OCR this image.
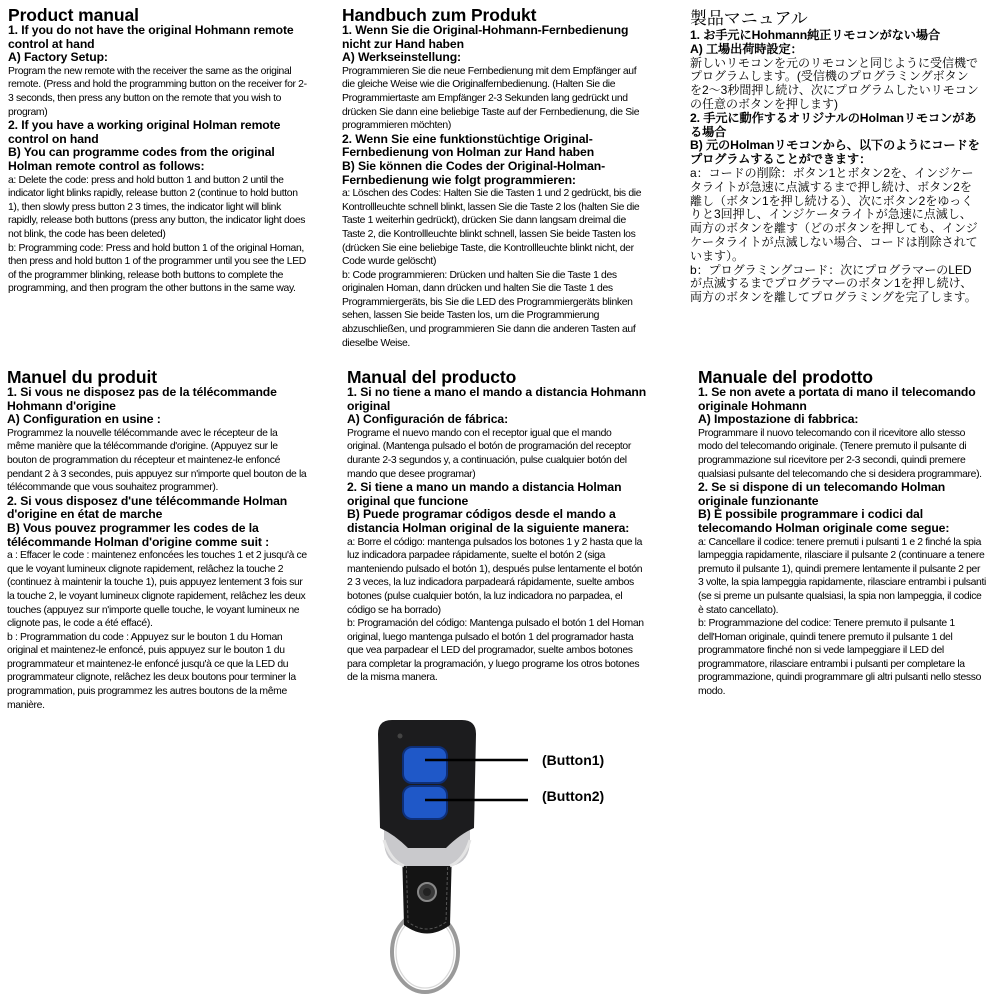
Product manual
1. If you do not have the original Hohmann remote control at hand
A) Factory Setup:

Program the new remote with the receiver the same as the original remote. (Press and hold the programming button on the receiver for 2-3 seconds, then press any button on the remote that you wish to program)

2. If you have a working original Holman remote control on hand
B) You can programme codes from the original Holman remote control as follows:

a: Delete the code: press and hold button 1 and button 2 until the indicator light blinks rapidly, release button 2 (continue to hold button 1), then slowly press button 2 3 times, the indicator light will blink rapidly, release both buttons (press any button, the indicator light does not blink, the code has been deleted)

b: Programming code: Press and hold button 1 of the original Homan, then press and hold button 1 of the programmer until you see the LED of the programmer blinking, release both buttons to complete the programming, and then program the other buttons in the same way.

Handbuch zum Produkt
1. Wenn Sie die Original-Hohmann-Fernbedienung nicht zur Hand haben
A) Werkseinstellung:

Programmieren Sie die neue Fernbedienung mit dem Empfänger auf die gleiche Weise wie die Originalfernbedienung. (Halten Sie die Programmiertaste am Empfänger 2-3 Sekunden lang gedrückt und drücken Sie dann eine beliebige Taste auf der Fernbedienung, die Sie programmieren möchten)

2. Wenn Sie eine funktionstüchtige Original-Fernbedienung von Holman zur Hand haben
B) Sie können die Codes der Original-Holman-Fernbedienung wie folgt programmieren:

a: Löschen des Codes: Halten Sie die Tasten 1 und 2 gedrückt, bis die Kontrollleuchte schnell blinkt, lassen Sie die Taste 2 los (halten Sie die Taste 1 weiterhin gedrückt), drücken Sie dann langsam dreimal die Taste 2, die Kontrollleuchte blinkt schnell, lassen Sie beide Tasten los (drücken Sie eine beliebige Taste, die Kontrollleuchte blinkt nicht, der Code wurde gelöscht)

b: Code programmieren: Drücken und halten Sie die Taste 1 des originalen Homan, dann drücken und halten Sie die Taste 1 des Programmiergeräts, bis Sie die LED des Programmiergeräts blinken sehen, lassen Sie beide Tasten los, um die Programmierung abzuschließen, und programmieren Sie dann die anderen Tasten auf dieselbe Weise.

製品マニュアル
1. お手元にHohmann純正リモコンがない場合
A) 工場出荷時設定：

新しいリモコンを元のリモコンと同じように受信機でプログラムします。(受信機のプログラミングボタンを2～3秒間押し続け、次にプログラムしたいリモコンの任意のボタンを押します)

2. 手元に動作するオリジナルのHolmanリモコンがある場合
B) 元のHolmanリモコンから、以下のようにコードをプログラムすることができます：

a：コードの削除：ボタン1とボタン2を、インジケータライトが急速に点滅するまで押し続け、ボタン2を離し（ボタン1を押し続ける）、次にボタン2をゆっくりと3回押し、インジケータライトが急速に点滅し、両方のボタンを離す（どのボタンを押しても、インジケータライトが点滅しない場合、コードは削除されています）。

b：プログラミングコード：次にプログラマーのLEDが点滅するまでプログラマーのボタン1を押し続け、両方のボタンを離してプログラミングを完了します。

Manuel du produit
1. Si vous ne disposez pas de la télécommande Hohmann d'origine
A) Configuration en usine :

Programmez la nouvelle télécommande avec le récepteur de la même manière que la télécommande d'origine. (Appuyez sur le bouton de programmation du récepteur et maintenez-le enfoncé pendant 2 à 3 secondes, puis appuyez sur n'importe quel bouton de la télécommande que vous souhaitez programmer).

2. Si vous disposez d'une télécommande Holman d'origine en état de marche
B) Vous pouvez programmer les codes de la télécommande Holman d'origine comme suit :

a : Effacer le code : maintenez enfoncées les touches 1 et 2 jusqu'à ce que le voyant lumineux clignote rapidement, relâchez la touche 2 (continuez à maintenir la touche 1), puis appuyez lentement 3 fois sur la touche 2, le voyant lumineux clignote rapidement, relâchez les deux touches (appuyez sur n'importe quelle touche, le voyant lumineux ne clignote pas, le code a été effacé).

b : Programmation du code : Appuyez sur le bouton 1 du Homan original et maintenez-le enfoncé, puis appuyez sur le bouton 1 du programmateur et maintenez-le enfoncé jusqu'à ce que la LED du programmateur clignote, relâchez les deux boutons pour terminer la programmation, puis programmez les autres boutons de la même manière.

Manual del producto
1. Si no tiene a mano el mando a distancia Hohmann original
A) Configuración de fábrica:

Programe el nuevo mando con el receptor igual que el mando original. (Mantenga pulsado el botón de programación del receptor durante 2-3 segundos y, a continuación, pulse cualquier botón del mando que desee programar)

2. Si tiene a mano un mando a distancia Holman original que funcione
B) Puede programar códigos desde el mando a distancia Holman original de la siguiente manera:

a: Borre el código: mantenga pulsados los botones 1 y 2 hasta que la luz indicadora parpadee rápidamente, suelte el botón 2 (siga manteniendo pulsado el botón 1), después pulse lentamente el botón 2 3 veces, la luz indicadora parpadeará rápidamente, suelte ambos botones (pulse cualquier botón, la luz indicadora no parpadea, el código se ha borrado)

b: Programación del código: Mantenga pulsado el botón 1 del Homan original, luego mantenga pulsado el botón 1 del programador hasta que vea parpadear el LED del programador, suelte ambos botones para completar la programación, y luego programe los otros botones de la misma manera.

Manuale del prodotto
1. Se non avete a portata di mano il telecomando originale Hohmann
A) Impostazione di fabbrica:

Programmare il nuovo telecomando con il ricevitore allo stesso modo del telecomando originale. (Tenere premuto il pulsante di programmazione sul ricevitore per 2-3 secondi, quindi premere qualsiasi pulsante del telecomando che si desidera programmare).

2. Se si dispone di un telecomando Holman originale funzionante
B) È possibile programmare i codici dal telecomando Holman originale come segue:

a: Cancellare il codice: tenere premuti i pulsanti 1 e 2 finché la spia lampeggia rapidamente, rilasciare il pulsante 2 (continuare a tenere premuto il pulsante 1), quindi premere lentamente il pulsante 2 per 3 volte, la spia lampeggia rapidamente, rilasciare entrambi i pulsanti (se si preme un pulsante qualsiasi, la spia non lampeggia, il codice è stato cancellato).

b: Programmazione del codice: Tenere premuto il pulsante 1 dell'Homan originale, quindi tenere premuto il pulsante 1 del programmatore finché non si vede lampeggiare il LED del programmatore, rilasciare entrambi i pulsanti per completare la programmazione, quindi programmare gli altri pulsanti nello stesso modo.

(Button1)
(Button2)
